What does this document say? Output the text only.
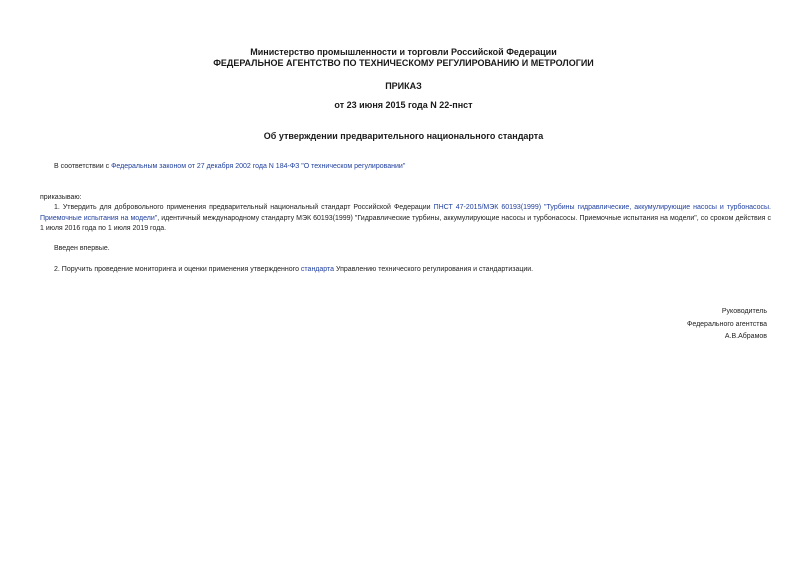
Министерство промышленности и торговли Российской Федерации
ФЕДЕРАЛЬНОЕ АГЕНТСТВО ПО ТЕХНИЧЕСКОМУ РЕГУЛИРОВАНИЮ И МЕТРОЛОГИИ
ПРИКАЗ
от 23 июня 2015 года N 22-пнст
Об утверждении предварительного национального стандарта
В соответствии с Федеральным законом от 27 декабря 2002 года N 184-ФЗ "О техническом регулировании"
приказываю:
1. Утвердить для добровольного применения предварительный национальный стандарт Российской Федерации ПНСТ 47-2015/МЭК 60193(1999) "Турбины гидравлические, аккумулирующие насосы и турбонасосы. Приемочные испытания на модели", идентичный международному стандарту МЭК 60193(1999) "Гидравлические турбины, аккумулирующие насосы и турбонасосы. Приемочные испытания на модели", со сроком действия с 1 июля 2016 года по 1 июля 2019 года.
Введен впервые.
2. Поручить проведение мониторинга и оценки применения утвержденного стандарта Управлению технического регулирования и стандартизации.
Руководитель
Федерального агентства
А.В.Абрамов
